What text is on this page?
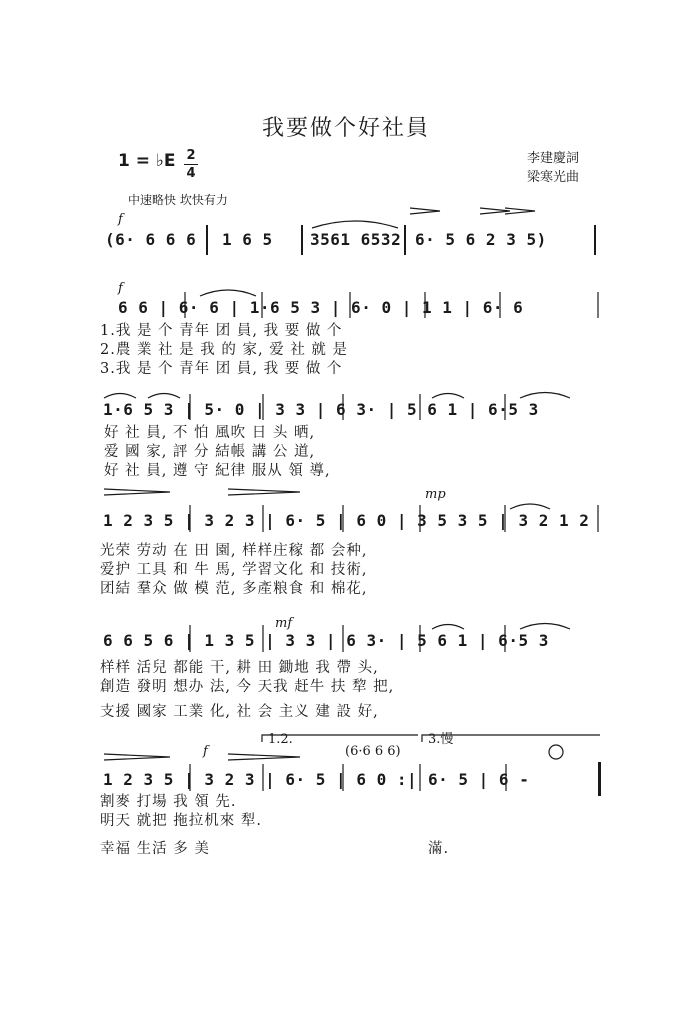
我要做个好社員
李建慶詞
梁寒光曲
1 = ♭E $\frac{2}{4}$
中速略快 坎快有力
f
(6· 6 6 6 1 6 5 3561 6532 6· 5 6 2 3 5)
f
6 6 | 6· 6 | 1·6 5 3 | 6· 0 | 1 1 | 6· 6
1.我 是 个 青年 团 員, 我 要 做 个
2.農 業 社 是 我 的 家, 爱 社 就 是
3.我 是 个 青年 团 員, 我 要 做 个
1·6 5 3 | 5· 0 | 3 3 | 6 3· | 5 6 1 | 6·5 3
好 社 員, 不 怕 風吹 日 头 晒,
爱 國 家, 評 分 結帳 講 公 道,
好 社 員, 遵 守 紀律 服从 領 導,
mp
1 2 3 5 | 3 2 3 | 6· 5 | 6 0 | 3 5 3 5 | 3 2 1 2
光荣 劳动 在 田 園, 样样庄稼 都 会种,
爱护 工具 和 牛 馬, 学習文化 和 技術,
团結 羣众 做 模 范, 多產粮食 和 棉花,
mf
6 6 5 6 | 1 3 5 | 3 3 | 6 3· | 5 6 1 | 6·5 3
样样 活兒 都能 干, 耕 田 鋤地 我 帶 头,
創造 發明 想办 法, 今 天我 赶牛 扶 犂 把,
支援 國家 工業 化, 社 会 主义 建 設 好,
1.2.	3.慢
(6·6 6 6)
f
1 2 3 5 | 3 2 3 | 6· 5 | 6 0 :| 6· 5 | 6 -
割麥 打場 我 領 先.
明天 就把 拖拉机來 犁.
幸福 生活 多 美	滿.
